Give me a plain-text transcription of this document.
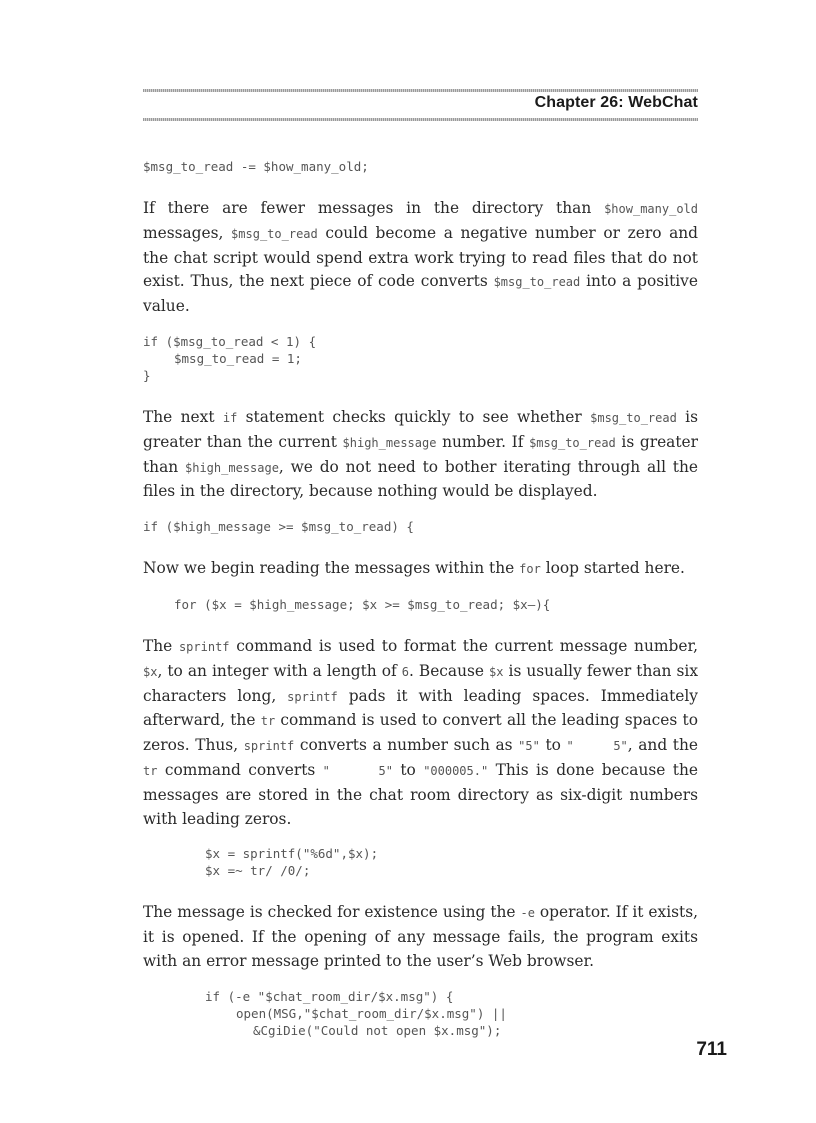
Chapter 26: WebChat
$msg_to_read -= $how_many_old;

If there are fewer messages in the directory than $how_many_old messages, $msg_to_read could become a negative number or zero and the chat script would spend extra work trying to read files that do not exist. Thus, the next piece of code converts $msg_to_read into a positive value.

if ($msg_to_read < 1) {
$msg_to_read = 1;
}

The next if statement checks quickly to see whether $msg_to_read is greater than the current $high_message number. If $msg_to_read is greater than $high_message, we do not need to bother iterating through all the files in the directory, because nothing would be displayed.

if ($high_message >= $msg_to_read) {

Now we begin reading the messages within the for loop started here.

for ($x = $high_message; $x >= $msg_to_read; $x–){

The sprintf command is used to format the current message number, $x, to an integer with a length of 6. Because $x is usually fewer than six characters long, sprintf pads it with leading spaces. Immediately afterward, the tr command is used to convert all the leading spaces to zeros. Thus, sprintf converts a number such as "5" to "     5", and the tr command converts "     5" to "000005." This is done because the messages are stored in the chat room directory as six-digit numbers with leading zeros.

$x = sprintf("%6d",$x);
$x =~ tr/ /0/;

The message is checked for existence using the -e operator. If it exists, it is opened. If the opening of any message fails, the program exits with an error message printed to the user’s Web browser.

if (-e "$chat_room_dir/$x.msg") {
open(MSG,"$chat_room_dir/$x.msg") ||
&CgiDie("Could not open $x.msg");
711
